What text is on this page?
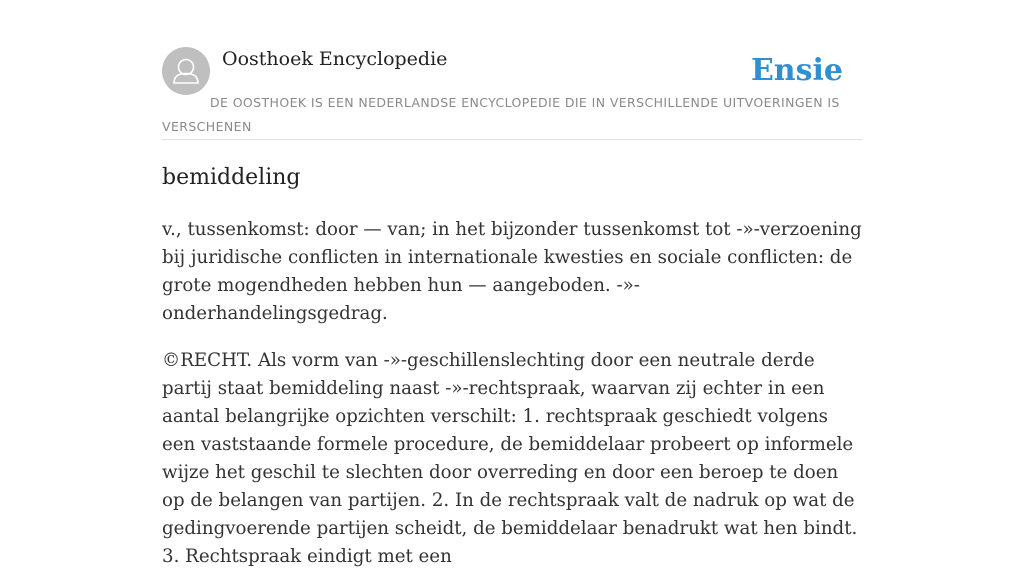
Oosthoek Encyclopedie	Ensie
DE OOSTHOEK IS EEN NEDERLANDSE ENCYCLOPEDIE DIE IN VERSCHILLENDE UITVOERINGEN IS VERSCHENEN
bemiddeling

v., tussenkomst: door — van; in het bijzonder tussenkomst tot -»-verzoening bij juridische conflicten in internationale kwesties en sociale conflicten: de grote mogendheden hebben hun — aangeboden. -»-onderhandelingsgedrag.

©RECHT. Als vorm van -»-geschillenslechting door een neutrale derde partij staat bemiddeling naast -»-rechtspraak, waarvan zij echter in een aantal belangrijke opzichten verschilt: 1. rechtspraak geschiedt volgens een vaststaande formele procedure, de bemiddelaar probeert op informele wijze het geschil te slechten door overreding en door een beroep te doen op de belangen van partijen. 2. In de rechtspraak valt de nadruk op wat de gedingvoerende partijen scheidt, de bemiddelaar benadrukt wat hen bindt. 3. Rechtspraak eindigt met een
